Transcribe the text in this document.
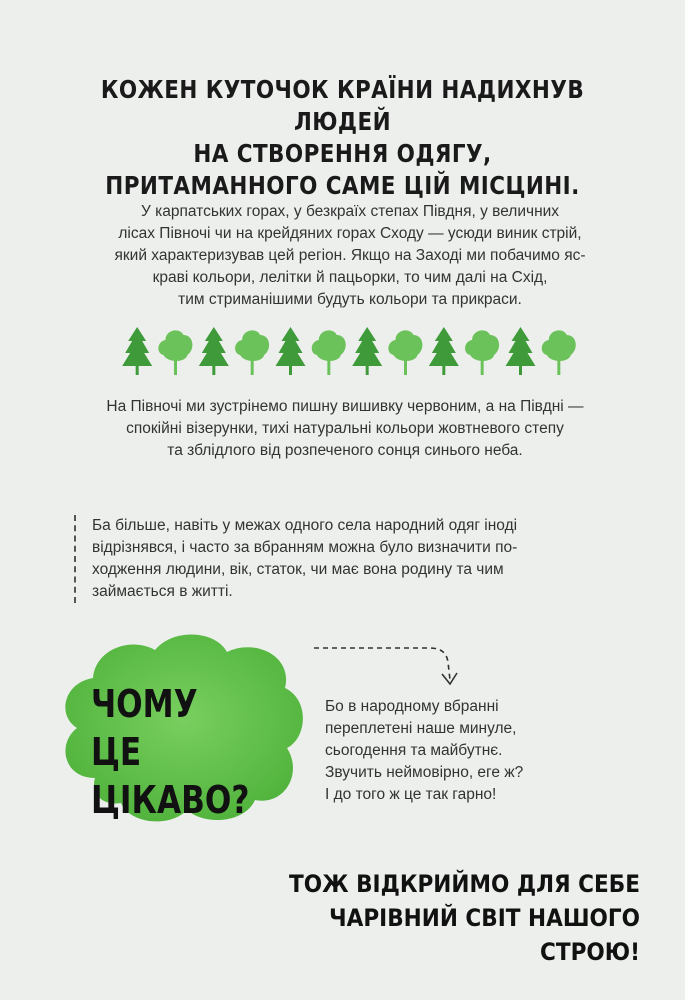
КОЖЕН КУТОЧОК КРАЇНИ НАДИХНУВ ЛЮДЕЙ
НА СТВОРЕННЯ ОДЯГУ,
ПРИТАМАННОГО САМЕ ЦІЙ МІСЦИНІ.
У карпатських горах, у безкраїх степах Півдня, у величних
лісах Півночі чи на крейдяних горах Сходу — усюди виник стрій,
який характеризував цей регіон. Якщо на Заході ми побачимо яс-
краві кольори, лелітки й пацьорки, то чим далі на Схід,
тим стриманішими будуть кольори та прикраси.
На Півночі ми зустрінемо пишну вишивку червоним, а на Півдні —
спокійні візерунки, тихі натуральні кольори жовтневого степу
та зблідлого від розпеченого сонця синього неба.
Ба більше, навіть у межах одного села народний одяг іноді
відрізнявся, і часто за вбранням можна було визначити по-
ходження людини, вік, статок, чи має вона родину та чим
займається в житті.
ЧОМУ ЦЕ
ЦІКАВО?
Бо в народному вбранні
переплетені наше минуле,
сьогодення та майбутнє.
Звучить неймовірно, еге ж?
І до того ж це так гарно!
ТОЖ ВІДКРИЙМО ДЛЯ СЕБЕ
ЧАРІВНИЙ СВІТ НАШОГО СТРОЮ!
